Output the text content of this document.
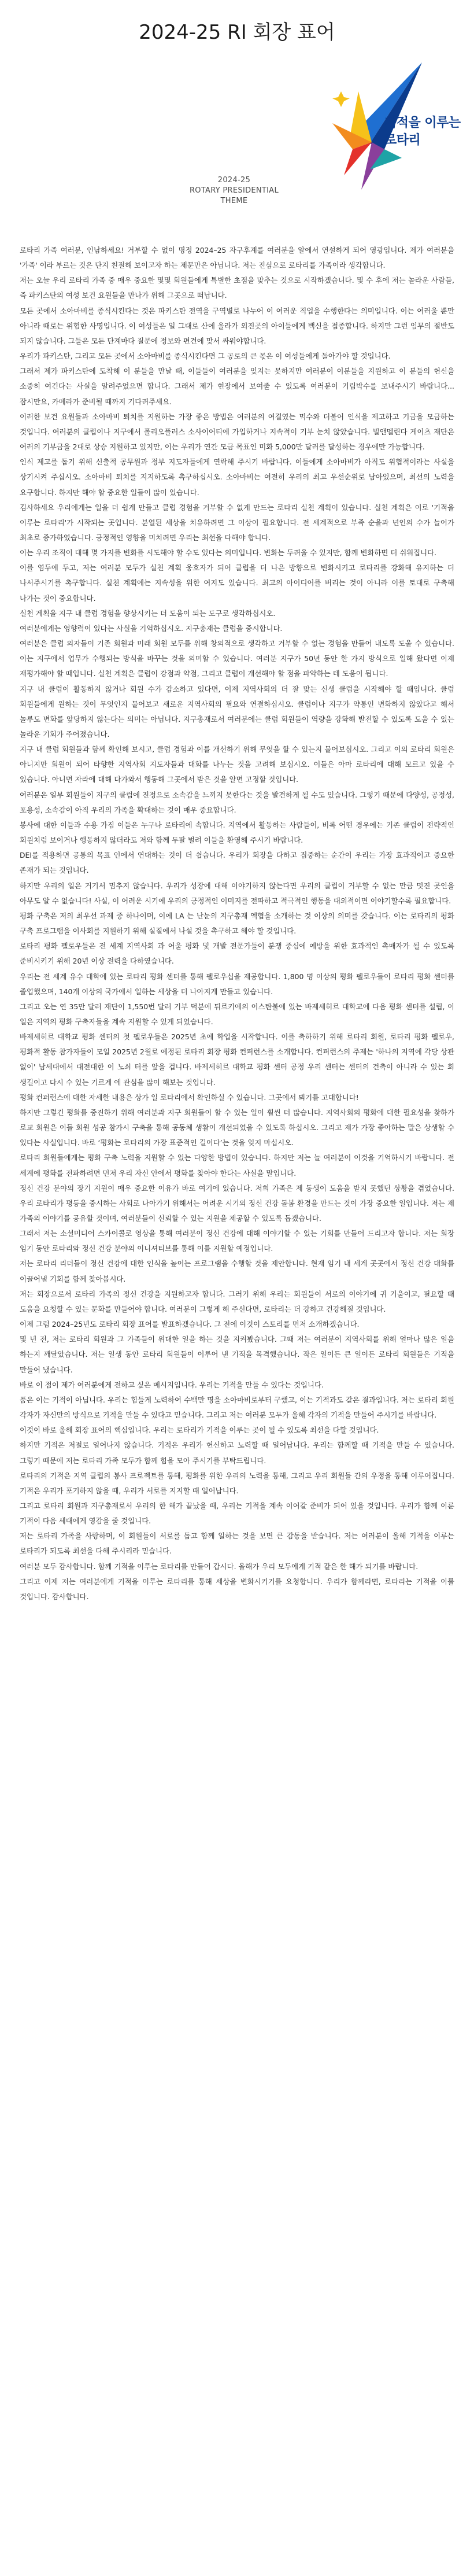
2024-25 RI 회장 표어
기적을 이루는
로타리
2024-25
ROTARY PRESIDENTIAL
THEME

로타리 가족 여러분, 인남하세요! 거부할 수 없이 명정 2024–25 자구후계를 여러분을 알에서 연설하게 되어 영광입니다. 제가 여러분을 '가족' 이라 부르는 것은 단지 친절해 보이고자 하는 제문만은 아닙니다. 저는 진심으로 로타리를 가족이라 생각합니다.

저는 오늘 우리 로타리 가족 중 매우 중요한 몇몇 회원들에게 특별한 초점을 맞추는 것으로 시작하겠습니다. 몇 수 후에 저는 놀라운 사람들, 즉 파키스탄의 여성 보건 요원들을 만나가 위해 그곳으로 떠납니다.

모든 곳에서 소아마비를 종식시킨다는 것은 파키스탄 전역을 구역별로 나누어 이 여러운 직업을 수행한다는 의미입니다. 이는 여러울 뿐만 아니라 때로는 위험한 사명입니다. 이 여성들은 일 그대로 산에 올라가 외진곳의 아이들에게 백신을 접종합니다. 하지만 그런 임무의 절반도 되지 않습니다. 그들은 모든 단계마다 질문에 정보와 편견에 맞서 싸워야합니다.

우리가 파키스탄, 그리고 모든 곳에서 소아마비를 종식시킨다면 그 공로의 큰 몫은 이 여성들에게 돌아가야 할 것입니다.

그래서 제가 파키스탄에 도착해 이 분들을 만날 때, 이들들이 여러분을 잊지는 못하지만 여러분이 이분들을 지원하고 이 분들의 헌신을 소중히 여긴다는 사실을 알려주었으면 합니다. 그래서 제가 현장에서 보여줄 수 있도록 여러분이 기립박수를 보내주시기 바랍니다...잠시만요, 카메라가 준비될 때까지 기다려주세요.

이러한 보건 요원들과 소아마비 퇴치를 지원하는 가장 좋은 방법은 여러분의 여결였는 먹수와 더불어 인식을 제고하고 기금을 모금하는 것입니다. 여러분의 클럽이나 지구에서 폴리오플러스 소사이어티에 가입하거나 지속적이 기부 눈치 않았습니다. 빌앤멜린다 게이츠 재단은 여러의 기부금을 2대로 상승 지원하고 있지만, 이는 우리가 연간 모금 목표인 미화 5,000만 달러를 달성하는 경우에만 가능합니다.

인식 제고를 돕기 위해 신출적 공무원과 정부 지도자들에게 연락해 주시기 바랍니다. 이들에게 소아마비가 아직도 위협적이라는 사실을 상기시켜 주십시오. 소아마비 퇴치를 지지하도록 촉구하십시오. 소아마비는 여전히 우리의 최고 우선순위로 남아있으며, 최선의 노력을 요구합니다. 하지만 해야 할 중요한 일들이 많이 있습니다.

김사하세요 우리에게는 일을 더 쉽게 만들고 클럽 경험을 거부할 수 없게 만드는 로타리 실천 계획이 있습니다. 실천 계획은 이로 '기적을 이루는 로타리'가 시작되는 곳입니다. 분열된 세상을 치유하려면 그 이상이 필요합니다. 전 세계적으로 부족 순을과 넌인의 수가 늘어가 최초로 증가하였습니다. 긍정적인 영향을 미치려면 우리는 최선을 다해야 합니다.

이는 우리 조직이 대해 몇 가지를 변화를 시도해야 할 수도 있다는 의미입니다. 변화는 두려울 수 있지만, 함께 변화하면 더 쉬워집니다.

이를 염두에 두고, 저는 여러분 모두가 실천 계획 웅호자가 되어 클럽을 더 나은 방향으로 변화시키고 로타리를 강화해 유지하는 더 나서주시기를 촉구합니다. 실천 계획에는 지속성을 위한 여지도 있습니다. 최고의 아이디어를 버리는 것이 아니라 이를 토대로 구축해 나가는 것이 중요합니다.

실천 계획을 지구 내 클럽 경험을 향상시키는 더 도움이 되는 도구로 생각하십시오.

여러분에게는 영향력이 있다는 사실을 기억하십시오. 지구총재는 클럽을 중시합니다.

여러분은 클럽 의자들이 기존 회원과 미래 회원 모두를 위해 창의적으로 생각하고 거부할 수 없는 경험을 만들어 내도록 도울 수 있습니다. 이는 지구에서 업무가 수행되는 방식을 바꾸는 것을 의미할 수 있습니다. 여러분 지구가 50년 동안 한 가지 방식으로 일해 왔다면 이제 재평가해야 할 때입니다. 실천 계획은 클럽이 강점과 약점, 그리고 클럽이 개선해야 할 점을 파악하는 데 도움이 됩니다.

지구 내 클럽이 활동하지 않거나 회원 수가 감소하고 있다면, 이제 지역사회의 더 잘 맞는 신생 클럽을 시작해야 할 때입니다. 클럽 회원들에게 원하는 것이 무엇인지 물어보고 새로운 지역사회의 필요와 연결하십시오. 클럽이나 지구가 약통인 변화하지 않았다고 해서 놀루도 변화를 앞당하지 않는다는 의미는 아닙니다. 지구총재로서 여러분에는 클럽 회원들이 역량을 강화해 발전할 수 있도록 도울 수 있는 놀라운 기회가 주어졌습니다.

지구 내 클럽 회원들과 함께 확인해 보시고, 클럽 경험과 이를 개선하기 위해 무엇을 할 수 있는지 물어보십시오. 그리고 이의 로타리 회원은 아니지만 회원이 되어 타향한 지역사회 지도자들과 대화를 나누는 것을 고려해 보십시오. 이들은 아마 로타리에 대해 모르고 있을 수 있습니다. 아니면 자라에 대해 다가와서 행동해 그곳에서 받은 것을 알면 고정할 것입니다.

여러분은 일부 회원들이 지구의 클럽에 진정으로 소속감을 느끼지 못한다는 것을 발견하게 될 수도 있습니다. 그렇기 때문에 다양성, 공정성, 포용성, 소속감이 아직 우리의 가족을 확대하는 것이 매우 중요합니다.

봉사에 대한 이들과 수용 가짐 이들은 누구나 로타리에 속합니다. 지역에서 활동하는 사람들이, 비록 어떤 경우에는 기존 클럽이 전략적인 회원처럼 보이거나 행동하지 않더라도 저와 함께 두팔 벌려 이들을 환영해 주시기 바랍니다.

DEI를 적용하면 공통의 목표 인에서 연대하는 것이 더 쉽습니다. 우리가 회장을 다하고 집중하는 순간이 우리는 가장 효과적이고 중요한 존재가 되는 것입니다.

하지만 우리의 일은 거기서 멈추지 않습니다. 우리가 성장에 대해 이야기하지 않는다면 우리의 클럽이 거부할 수 없는 만큼 멋진 곳인을 아무도 알 수 없습니다! 사실, 이 어려운 시기에 우리의 긍정적인 이미지를 전파하고 적극적인 행동을 대외적이면 이야기할수록 필요합니다.

평화 구축은 저의 최우선 과제 중 하나이며, 이에 LA 는 난눈의 지구총재 엑협을 소개하는 것 이상의 의미를 갖습니다. 이는 로타리의 평화 구축 프로그램을 이사회를 지원하기 위해 실질에서 나설 것을 촉구하고 해야 할 것입니다.

로타리 평화 펠로우들은 전 세계 지역사회 과 어울 평화 및 개발 전문가들이 분쟁 중심에 예방을 위한 효과적인 촉매자가 될 수 있도록 준비시키기 위해 20년 이상 전력을 다하였습니다.

우리는 전 세계 유수 대학에 있는 로타리 평화 센터를 통해 펠로우십을 제공합니다. 1,800 명 이상의 평화 펠로우들이 로타리 평화 센터를 졸업했으며, 140개 이상의 국가에서 일하는 세상을 더 나아지게 만들고 있습니다.

그리고 오는 연 35만 달러 재단이 1,550번 달러 기부 덕분에 튀르키에의 이스탄불에 있는 바제세히르 대학교에 다음 평화 센터를 설립, 이 일은 지역의 평화 구축자들을 계속 지원할 수 있게 되었습니다.

바제세히르 대학교 평화 센터의 첫 펠로우들은 2025년 초에 학업을 시작합니다. 이를 축하하기 위해 로타리 회원, 로타리 평화 펠로우, 평화적 활동 참가자들이 모일 2025년 2월로 예정된 로타리 회장 평화 컨퍼런스를 소개합니다. 컨퍼런스의 주제는 '하나의 지역에 각당 상관 없이' 남세대에서 대전대한 이 노쇠 터를 앞을 겁니다. 바제세히르 대학교 평화 센터 공정 우리 센터는 센터의 건축이 아니라 수 있는 회 생길이고 다시 수 있는 기르게 에 관심을 많이 해보는 것입니다.

평화 컨퍼런스에 대한 자세한 내용은 상가 일 로타리에서 확인하실 수 있습니다. 그곳에서 뵈기를 고대합니다!

하지만 그렇긴 평화를 중진하기 위해 여러분과 지구 회원들이 할 수 있는 일이 훨씬 더 많습니다. 지역사회의 평화에 대한 필요성을 찾하가 로교 회원은 이들 회원 성공 참가시 구축을 통해 공동체 생활이 개선되었을 수 있도록 하십시오. 그리고 제가 가장 좋아하는 말은 상생할 수 있다는 사실입니다. 바로 ‘평화는 로타리의 가장 표준적인 길이다’는 것을 잊지 마십시오.

로타리 회원들에게는 평화 구축 노력을 지원할 수 있는 다양한 방법이 있습니다. 하지만 저는 늘 여러분이 이것을 기억하시기 바랍니다. 전 세계에 평화를 전파하려면 먼저 우리 자신 안에서 평화를 찾아야 한다는 사실을 말입니다.

정신 건강 분야의 장기 지원이 매우 중요한 이유가 바로 여기에 있습니다. 저희 가족은 제 동생이 도움을 받지 못했던 상황을 겪었습니다. 우리 로타리가 평등을 중시하는 사회로 나아가기 위해서는 어려운 시기의 정신 건강 돌봄 환경을 만드는 것이 가장 중요한 일입니다. 저는 제 가족의 이야기를 공유할 것이며, 여러분들이 신뢰할 수 있는 지원을 제공할 수 있도록 돕겠습니다.

그래서 저는 소셜미디어 스카이콜로 영상을 통해 여러분이 정신 건강에 대해 이야기할 수 있는 기회를 만들어 드리고자 합니다. 저는 회장 임기 동안 로타리와 정신 건강 분야의 이니셔티브를 통해 이를 지원할 예정입니다.

저는 로타리 리더들이 정신 건강에 대한 인식을 높이는 프로그램을 수행할 것을 제안합니다. 현재 임기 내 세계 곳곳에서 정신 건강 대화를 이끌어낼 기회를 함께 찾아봅시다.

저는 회장으로서 로타리 가족의 정신 건강을 지원하고자 합니다. 그러기 위해 우리는 회원들이 서로의 이야기에 귀 기울이고, 필요할 때 도움을 요청할 수 있는 문화를 만들어야 합니다. 여러분이 그렇게 해 주신다면, 로타리는 더 강하고 건강해질 것입니다.

이제 그럼 2024–25년도 로타리 회장 표어를 발표하겠습니다. 그 전에 이것이 스토리를 먼저 소개하겠습니다.

몇 년 전, 저는 로타리 회원과 그 가족들이 위대한 일을 하는 것을 지켜봤습니다. 그때 저는 여러분이 지역사회를 위해 얼마나 많은 일을 하는지 깨달았습니다. 저는 일생 동안 로타리 회원들이 이루어 낸 기적을 목격했습니다. 작은 일이든 큰 일이든 로타리 회원들은 기적을 만들어 냈습니다.

바로 이 점이 제가 여러분에게 전하고 싶은 메시지입니다. 우리는 기적을 만들 수 있다는 것입니다.

품은 이는 기적이 아닙니다. 우리는 힘들게 노력하여 수백만 명을 소아마비로부터 구했고, 이는 기적과도 같은 결과입니다. 저는 로타리 회원 각자가 자신만의 방식으로 기적을 만들 수 있다고 믿습니다. 그리고 저는 여러분 모두가 올해 각자의 기적을 만들어 주시기를 바랍니다.

이것이 바로 올해 회장 표어의 핵심입니다. 우리는 로타리가 기적을 이루는 곳이 될 수 있도록 최선을 다할 것입니다.

하지만 기적은 저절로 일어나지 않습니다. 기적은 우리가 헌신하고 노력할 때 일어납니다. 우리는 함께할 때 기적을 만들 수 있습니다. 그렇기 때문에 저는 로타리 가족 모두가 함께 힘을 모아 주시기를 부탁드립니다.

로타리의 기적은 지역 클럽의 봉사 프로젝트를 통해, 평화를 위한 우리의 노력을 통해, 그리고 우리 회원들 간의 우정을 통해 이루어집니다. 기적은 우리가 포기하지 않을 때, 우리가 서로를 지지할 때 일어납니다.

그리고 로타리 회원과 지구총재로서 우리의 한 해가 끝났을 때, 우리는 기적을 계속 이어갈 준비가 되어 있을 것입니다. 우리가 함께 이룬 기적이 다음 세대에게 영감을 줄 것입니다.

저는 로타리 가족을 사랑하며, 이 회원들이 서로를 돕고 함께 일하는 것을 보면 큰 감동을 받습니다. 저는 여러분이 올해 기적을 이루는 로타리가 되도록 최선을 다해 주시리라 믿습니다.

여러분 모두 감사합니다. 함께 기적을 이루는 로타리를 만들어 갑시다. 올해가 우리 모두에게 기적 같은 한 해가 되기를 바랍니다.

그리고 이제 저는 여러분에게 기적을 이루는 로타리를 통해 세상을 변화시키기를 요청합니다. 우리가 함께라면, 로타리는 기적을 이룰 것입니다. 감사합니다.
